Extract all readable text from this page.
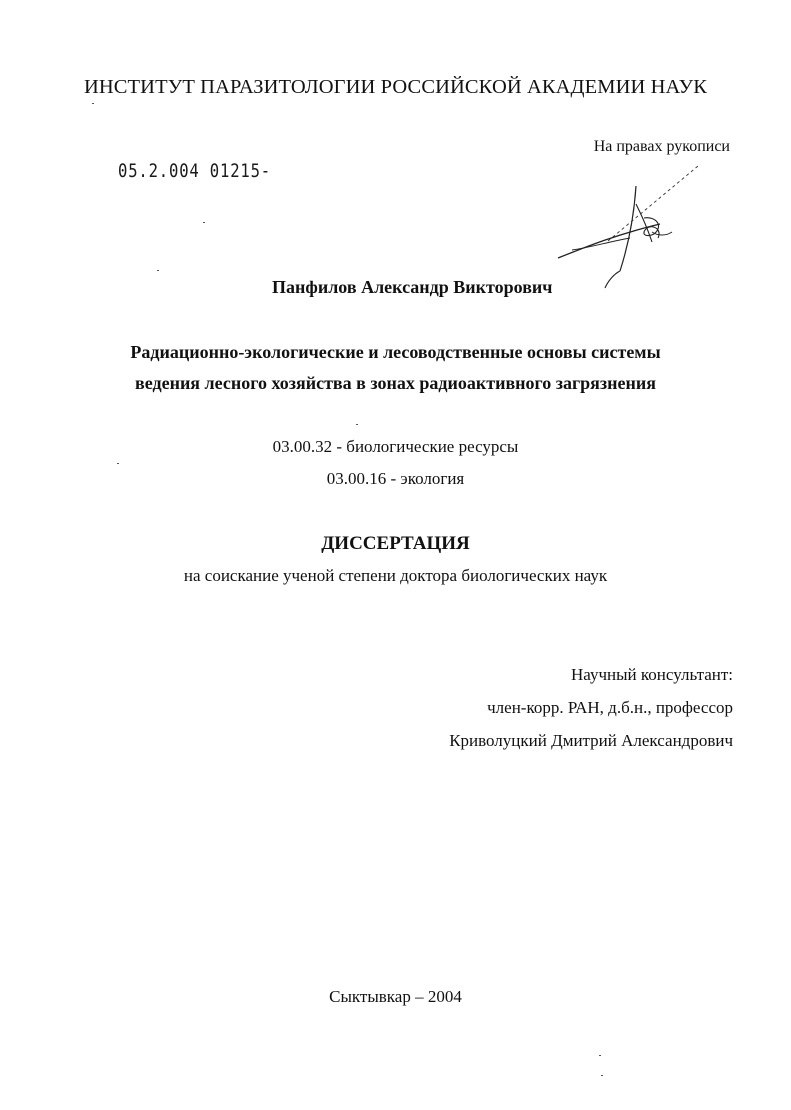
ИНСТИТУТ ПАРАЗИТОЛОГИИ РОССИЙСКОЙ АКАДЕМИИ НАУК
На правах рукописи
05.2.004 01215-
Панфилов Александр Викторович
Радиационно-экологические и лесоводственные основы системы
ведения лесного хозяйства в зонах радиоактивного загрязнения
03.00.32 - биологические ресурсы
03.00.16 - экология
ДИССЕРТАЦИЯ
на соискание ученой степени доктора биологических наук
Научный консультант:
член-корр. РАН, д.б.н., профессор
Криволуцкий Дмитрий Александрович
Сыктывкар – 2004
